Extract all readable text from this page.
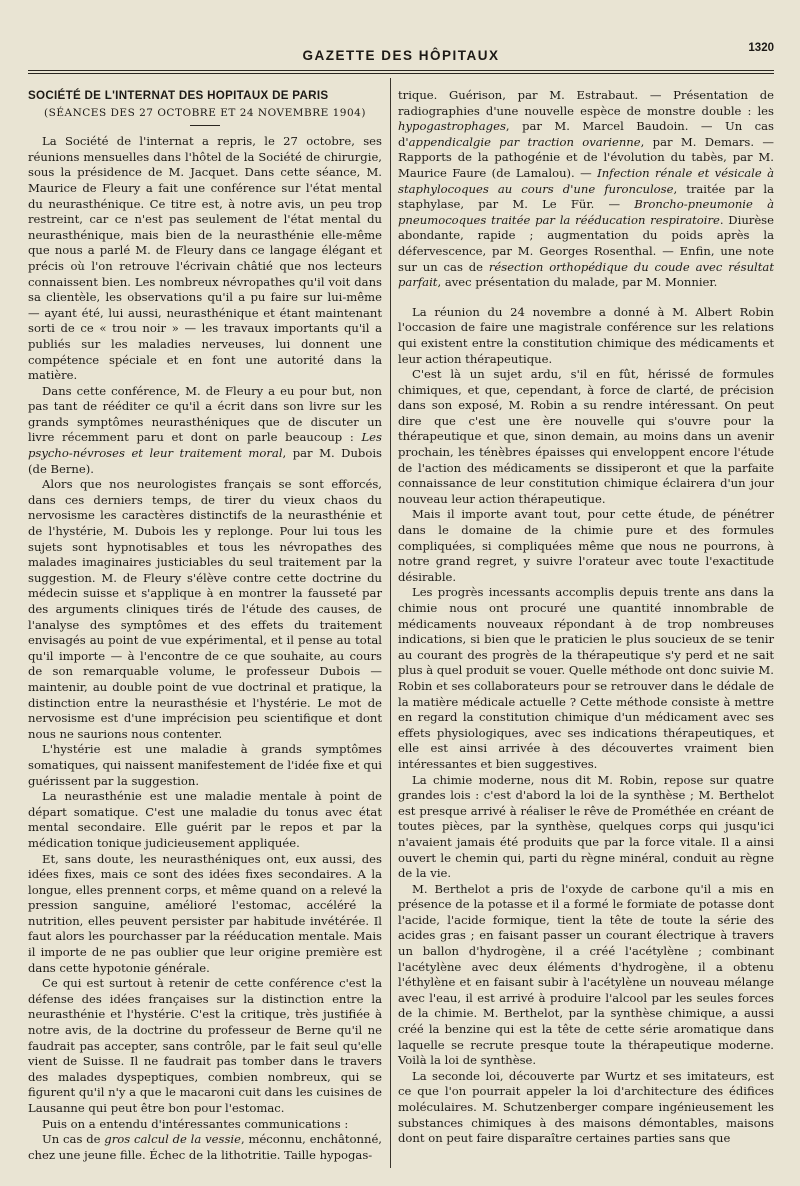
GAZETTE DES HÔPITAUX	1320
SOCIÉTÉ DE L'INTERNAT DES HOPITAUX DE PARIS
(SÉANCES DES 27 OCTOBRE ET 24 NOVEMBRE 1904)

La Société de l'internat a repris, le 27 octobre, ses réunions mensuelles dans l'hôtel de la Société de chirurgie, sous la présidence de M. Jacquet. Dans cette séance, M. Maurice de Fleury a fait une conférence sur l'état mental du neurasthénique. Ce titre est, à notre avis, un peu trop restreint, car ce n'est pas seulement de l'état mental du neurasthénique, mais bien de la neurasthénie elle-même que nous a parlé M. de Fleury dans ce langage élégant et précis où l'on retrouve l'écrivain châtié que nos lecteurs connaissent bien. Les nombreux névropathes qu'il voit dans sa clientèle, les observations qu'il a pu faire sur lui-même — ayant été, lui aussi, neurasthénique et étant maintenant sorti de ce « trou noir » — les travaux importants qu'il a publiés sur les maladies nerveuses, lui donnent une compétence spéciale et en font une autorité dans la matière.

Dans cette conférence, M. de Fleury a eu pour but, non pas tant de rééditer ce qu'il a écrit dans son livre sur les grands symptômes neurasthéniques que de discuter un livre récemment paru et dont on parle beaucoup : Les psycho-névroses et leur traitement moral, par M. Dubois (de Berne).

Alors que nos neurologistes français se sont efforcés, dans ces derniers temps, de tirer du vieux chaos du nervosisme les caractères distinctifs de la neurasthénie et de l'hystérie, M. Dubois les y replonge. Pour lui tous les sujets sont hypnotisables et tous les névropathes des malades imaginaires justiciables du seul traitement par la suggestion. M. de Fleury s'élève contre cette doctrine du médecin suisse et s'applique à en montrer la fausseté par des arguments cliniques tirés de l'étude des causes, de l'analyse des symptômes et des effets du traitement envisagés au point de vue expérimental, et il pense au total qu'il importe — à l'encontre de ce que souhaite, au cours de son remarquable volume, le professeur Dubois — maintenir, au double point de vue doctrinal et pratique, la distinction entre la neurasthésie et l'hystérie. Le mot de nervosisme est d'une imprécision peu scientifique et dont nous ne saurions nous contenter.

L'hystérie est une maladie à grands symptômes somatiques, qui naissent manifestement de l'idée fixe et qui guérissent par la suggestion.

La neurasthénie est une maladie mentale à point de départ somatique. C'est une maladie du tonus avec état mental secondaire. Elle guérit par le repos et par la médication tonique judicieusement appliquée.

Et, sans doute, les neurasthéniques ont, eux aussi, des idées fixes, mais ce sont des idées fixes secondaires. A la longue, elles prennent corps, et même quand on a relevé la pression sanguine, amélioré l'estomac, accéléré la nutrition, elles peuvent persister par habitude invétérée. Il faut alors les pourchasser par la rééducation mentale. Mais il importe de ne pas oublier que leur origine première est dans cette hypotonie générale.

Ce qui est surtout à retenir de cette conférence c'est la défense des idées françaises sur la distinction entre la neurasthénie et l'hystérie. C'est la critique, très justifiée à notre avis, de la doctrine du professeur de Berne qu'il ne faudrait pas accepter, sans contrôle, par le fait seul qu'elle vient de Suisse. Il ne faudrait pas tomber dans le travers des malades dyspeptiques, combien nombreux, qui se figurent qu'il n'y a que le macaroni cuit dans les cuisines de Lausanne qui peut être bon pour l'estomac.

Puis on a entendu d'intéressantes communications :

Un cas de gros calcul de la vessie, méconnu, enchâtonné, chez une jeune fille. Échec de la lithotritie. Taille hypogas-

trique. Guérison, par M. Estrabaut. — Présentation de radiographies d'une nouvelle espèce de monstre double : les hypogastrophages, par M. Marcel Baudoin. — Un cas d'appendicalgie par traction ovarienne, par M. Demars. — Rapports de la pathogénie et de l'évolution du tabès, par M. Maurice Faure (de Lamalou). — Infection rénale et vésicale à staphylocoques au cours d'une furonculose, traitée par la staphylase, par M. Le Für. — Broncho-pneumonie à pneumocoques traitée par la rééducation respiratoire. Diurèse abondante, rapide ; augmentation du poids après la défervescence, par M. Georges Rosenthal. — Enfin, une note sur un cas de résection orthopédique du coude avec résultat parfait, avec présentation du malade, par M. Monnier.

La réunion du 24 novembre a donné à M. Albert Robin l'occasion de faire une magistrale conférence sur les relations qui existent entre la constitution chimique des médicaments et leur action thérapeutique.

C'est là un sujet ardu, s'il en fût, hérissé de formules chimiques, et que, cependant, à force de clarté, de précision dans son exposé, M. Robin a su rendre intéressant. On peut dire que c'est une ère nouvelle qui s'ouvre pour la thérapeutique et que, sinon demain, au moins dans un avenir prochain, les ténèbres épaisses qui enveloppent encore l'étude de l'action des médicaments se dissiperont et que la parfaite connaissance de leur constitution chimique éclairera d'un jour nouveau leur action thérapeutique.

Mais il importe avant tout, pour cette étude, de pénétrer dans le domaine de la chimie pure et des formules compliquées, si compliquées même que nous ne pourrons, à notre grand regret, y suivre l'orateur avec toute l'exactitude désirable.

Les progrès incessants accomplis depuis trente ans dans la chimie nous ont procuré une quantité innombrable de médicaments nouveaux répondant à de trop nombreuses indications, si bien que le praticien le plus soucieux de se tenir au courant des progrès de la thérapeutique s'y perd et ne sait plus à quel produit se vouer. Quelle méthode ont donc suivie M. Robin et ses collaborateurs pour se retrouver dans le dédale de la matière médicale actuelle ? Cette méthode consiste à mettre en regard la constitution chimique d'un médicament avec ses effets physiologiques, avec ses indications thérapeutiques, et elle est ainsi arrivée à des découvertes vraiment bien intéressantes et bien suggestives.

La chimie moderne, nous dit M. Robin, repose sur quatre grandes lois : c'est d'abord la loi de la synthèse ; M. Berthelot est presque arrivé à réaliser le rêve de Prométhée en créant de toutes pièces, par la synthèse, quelques corps qui jusqu'ici n'avaient jamais été produits que par la force vitale. Il a ainsi ouvert le chemin qui, parti du règne minéral, conduit au règne de la vie.

M. Berthelot a pris de l'oxyde de carbone qu'il a mis en présence de la potasse et il a formé le formiate de potasse dont l'acide, l'acide formique, tient la tête de toute la série des acides gras ; en faisant passer un courant électrique à travers un ballon d'hydrogène, il a créé l'acétylène ; combinant l'acétylène avec deux éléments d'hydrogène, il a obtenu l'éthylène et en faisant subir à l'acétylène un nouveau mélange avec l'eau, il est arrivé à produire l'alcool par les seules forces de la chimie. M. Berthelot, par la synthèse chimique, a aussi créé la benzine qui est la tête de cette série aromatique dans laquelle se recrute presque toute la thérapeutique moderne. Voilà la loi de synthèse.

La seconde loi, découverte par Wurtz et ses imitateurs, est ce que l'on pourrait appeler la loi d'architecture des édifices moléculaires. M. Schutzenberger compare ingénieusement les substances chimiques à des maisons démontables, maisons dont on peut faire disparaître certaines parties sans que
